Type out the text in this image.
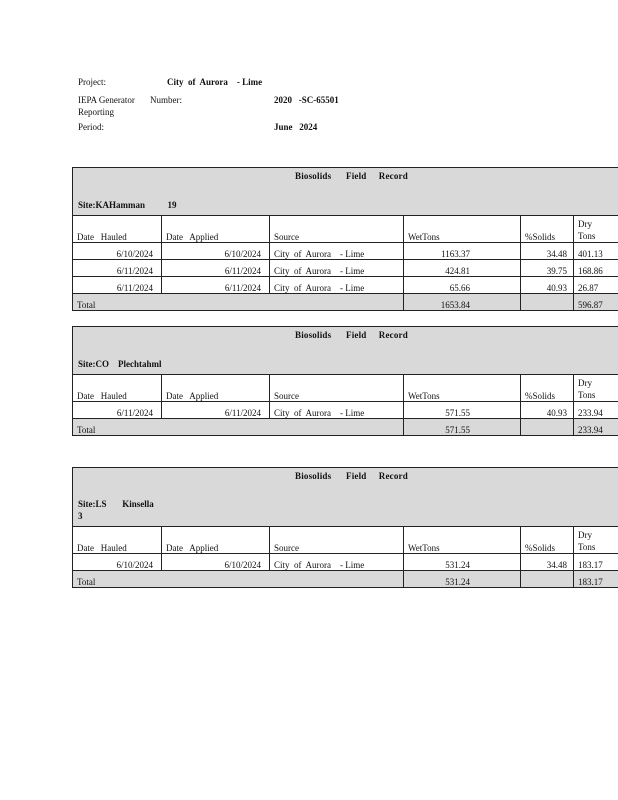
Project:	City  of  Aurora    - Lime
IEPA Generator
Reporting
Number:	2020   -SC-65501
Period:	June   2024
Biosolids      Field     Record
Site:KAHamman          19
Date   Hauled	Date   Applied	Source	WetTons	%Solids	Dry
Tons

6/10/2024	6/10/2024	City  of  Aurora    - Lime	1163.37	34.48	401.13
6/11/2024	6/11/2024	City  of  Aurora    - Lime	424.81	39.75	168.86
6/11/2024	6/11/2024	City  of  Aurora    - Lime	65.66	40.93	26.87
Total			1653.84		596.87
Biosolids      Field     Record
Site:CO    Plechtahml
Date   Hauled	Date   Applied	Source	WetTons	%Solids	Dry
Tons

6/11/2024	6/11/2024	City  of  Aurora    - Lime	571.55	40.93	233.94
Total			571.55		233.94
Biosolids      Field     Record
Site:LS       Kinsella
3
Date   Hauled	Date   Applied	Source	WetTons	%Solids	Dry
Tons

6/10/2024	6/10/2024	City  of  Aurora    - Lime	531.24	34.48	183.17
Total			531.24		183.17
